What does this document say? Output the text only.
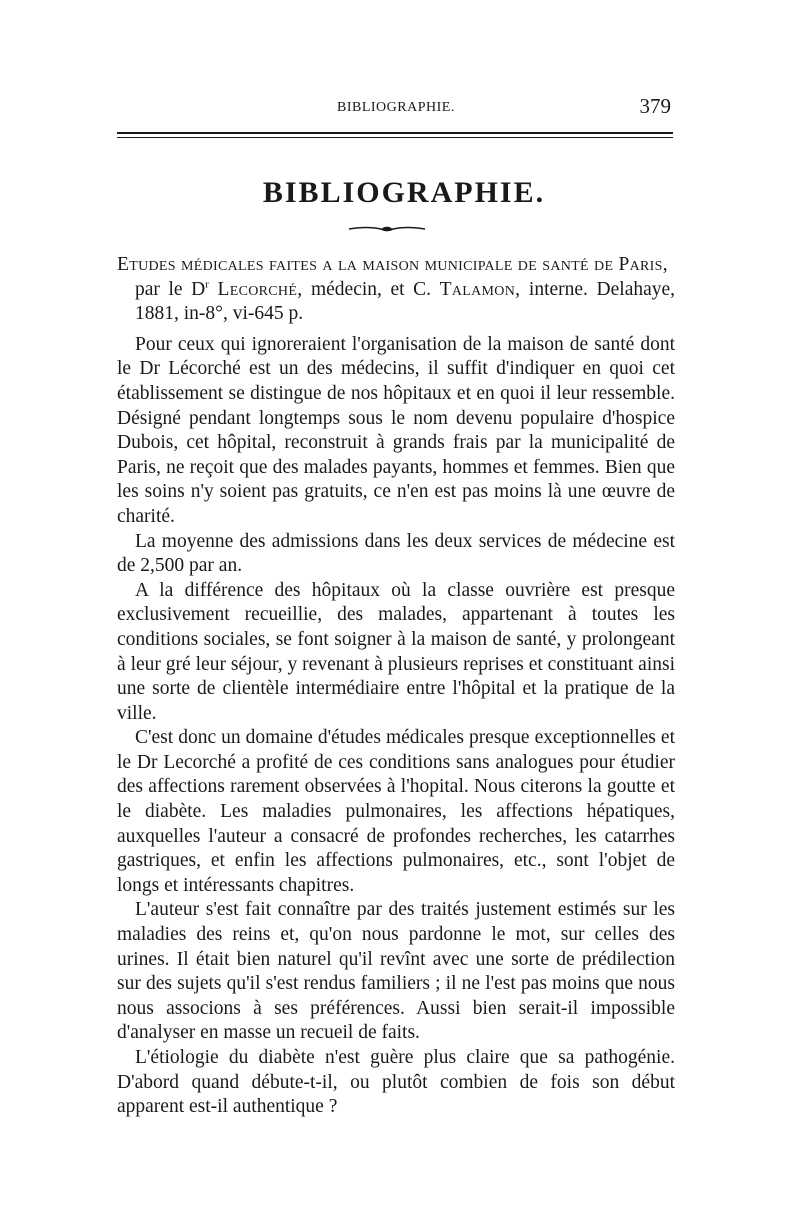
BIBLIOGRAPHIE.	379
BIBLIOGRAPHIE.

Etudes médicales faites a la maison municipale de santé de Paris,
par le $D^r$ Lecorché, médecin, et C. Talamon, interne. Delahaye, 1881, in-8°, vi-645 p.

Pour ceux qui ignoreraient l'organisation de la maison de santé dont le Dr Lécorché est un des médecins, il suffit d'indiquer en quoi cet établissement se distingue de nos hôpitaux et en quoi il leur ressemble. Désigné pendant longtemps sous le nom devenu populaire d'hospice Dubois, cet hôpital, reconstruit à grands frais par la municipalité de Paris, ne reçoit que des malades payants, hommes et femmes. Bien que les soins n'y soient pas gratuits, ce n'en est pas moins là une œuvre de charité.

La moyenne des admissions dans les deux services de médecine est de 2,500 par an.

A la différence des hôpitaux où la classe ouvrière est presque exclusivement recueillie, des malades, appartenant à toutes les conditions sociales, se font soigner à la maison de santé, y prolongeant à leur gré leur séjour, y revenant à plusieurs reprises et constituant ainsi une sorte de clientèle intermédiaire entre l'hôpital et la pratique de la ville.

C'est donc un domaine d'études médicales presque exceptionnelles et le Dr Lecorché a profité de ces conditions sans analogues pour étudier des affections rarement observées à l'hopital. Nous citerons la goutte et le diabète. Les maladies pulmonaires, les affections hépatiques, auxquelles l'auteur a consacré de profondes recherches, les catarrhes gastriques, et enfin les affections pulmonaires, etc., sont l'objet de longs et intéressants chapitres.

L'auteur s'est fait connaître par des traités justement estimés sur les maladies des reins et, qu'on nous pardonne le mot, sur celles des urines. Il était bien naturel qu'il revînt avec une sorte de prédilection sur des sujets qu'il s'est rendus familiers ; il ne l'est pas moins que nous nous associons à ses préférences. Aussi bien serait-il impossible d'analyser en masse un recueil de faits.

L'étiologie du diabète n'est guère plus claire que sa pathogénie. D'abord quand débute-t-il, ou plutôt combien de fois son début apparent est-il authentique ?
